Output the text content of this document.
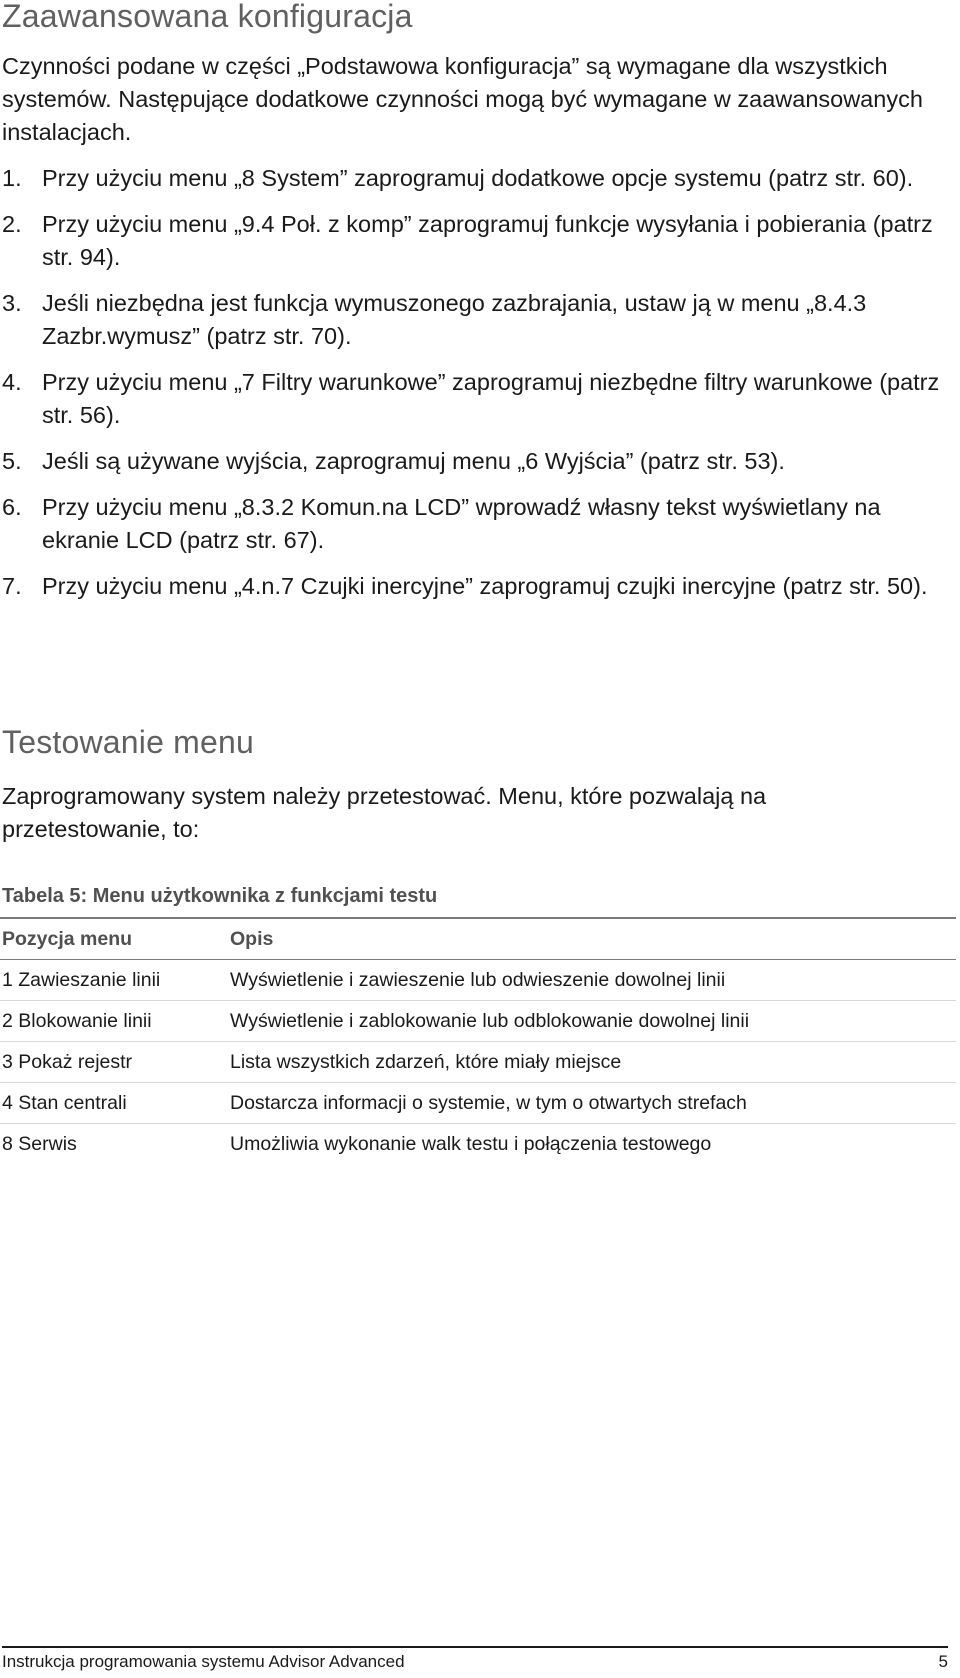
Zaawansowana konfiguracja

Czynności podane w części „Podstawowa konfiguracja” są wymagane dla wszystkich systemów. Następujące dodatkowe czynności mogą być wymagane w zaawansowanych instalacjach.

1. Przy użyciu menu „8 System” zaprogramuj dodatkowe opcje systemu (patrz str. 60).
2. Przy użyciu menu „9.4 Poł. z komp” zaprogramuj funkcje wysyłania i pobierania (patrz str. 94).
3. Jeśli niezbędna jest funkcja wymuszonego zazbrajania, ustaw ją w menu „8.4.3 Zazbr.wymusz” (patrz str. 70).
4. Przy użyciu menu „7 Filtry warunkowe” zaprogramuj niezbędne filtry warunkowe (patrz str. 56).
5. Jeśli są używane wyjścia, zaprogramuj menu „6 Wyjścia” (patrz str. 53).
6. Przy użyciu menu „8.3.2 Komun.na LCD” wprowadź własny tekst wyświetlany na ekranie LCD (patrz str. 67).
7. Przy użyciu menu „4.n.7 Czujki inercyjne” zaprogramuj czujki inercyjne (patrz str. 50).
Testowanie menu

Zaprogramowany system należy przetestować. Menu, które pozwalają na przetestowanie, to:

Tabela 5: Menu użytkownika z funkcjami testu

Pozycja menu	Opis
1 Zawieszanie linii	Wyświetlenie i zawieszenie lub odwieszenie dowolnej linii
2 Blokowanie linii	Wyświetlenie i zablokowanie lub odblokowanie dowolnej linii
3 Pokaż rejestr	Lista wszystkich zdarzeń, które miały miejsce
4 Stan centrali	Dostarcza informacji o systemie, w tym o otwartych strefach
8 Serwis	Umożliwia wykonanie walk testu i połączenia testowego
Instrukcja programowania systemu Advisor Advanced	5
